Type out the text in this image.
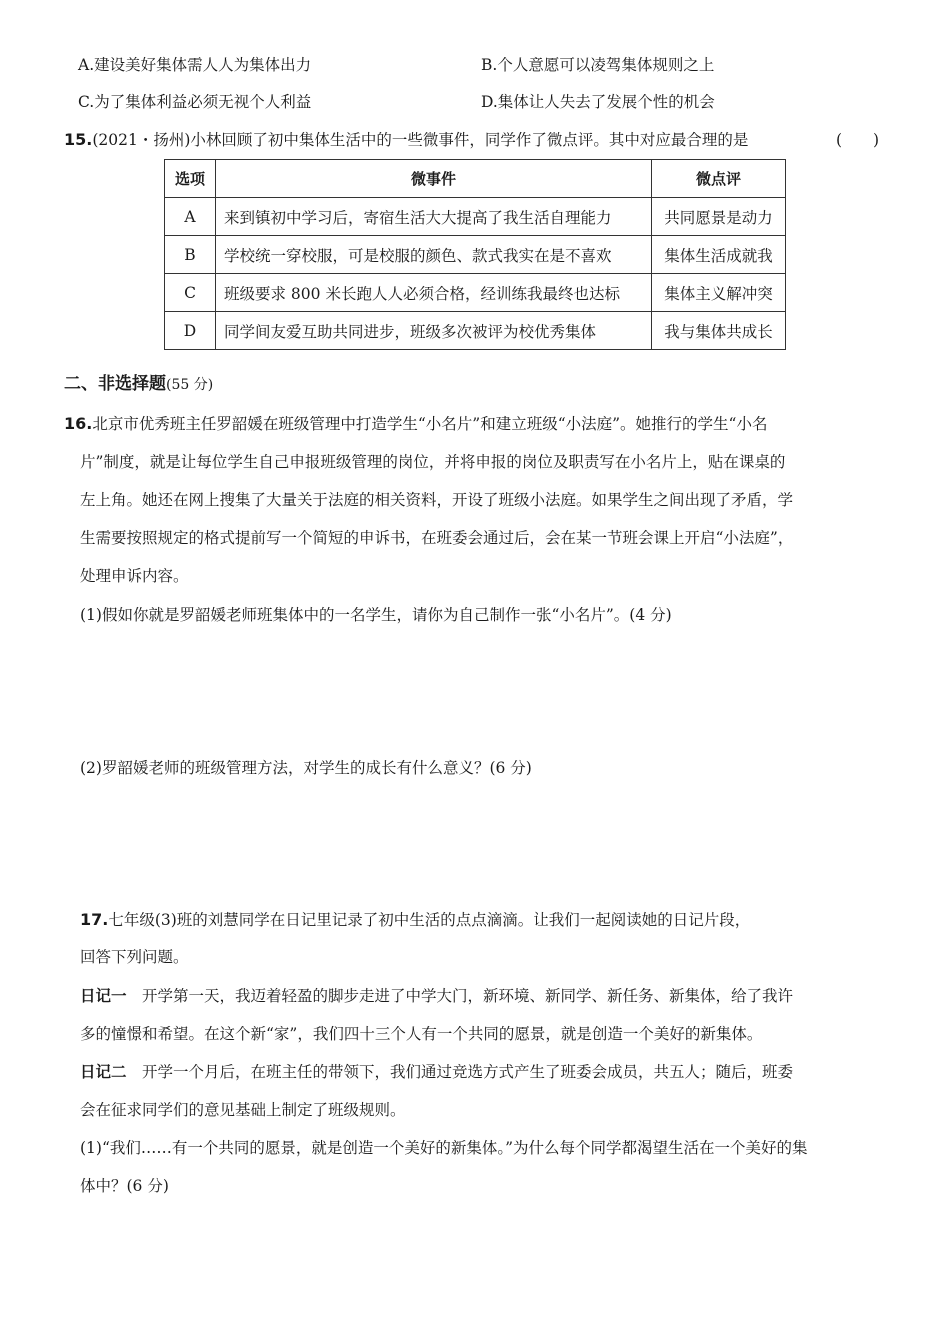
A.建设美好集体需人人为集体出力	B.个人意愿可以凌驾集体规则之上
C.为了集体利益必须无视个人利益	D.集体让人失去了发展个性的机会
15.(2021・扬州)小林回顾了初中集体生活中的一些微事件，同学作了微点评。其中对应最合理的是	(　　)
选项	微事件	微点评
A	来到镇初中学习后，寄宿生活大大提高了我生活自理能力	共同愿景是动力
B	学校统一穿校服，可是校服的颜色、款式我实在是不喜欢	集体生活成就我
C	班级要求 800 米长跑人人必须合格，经训练我最终也达标	集体主义解冲突
D	同学间友爱互助共同进步，班级多次被评为校优秀集体	我与集体共成长
二、非选择题(55 分)
16.北京市优秀班主任罗韶媛在班级管理中打造学生“小名片”和建立班级“小法庭”。她推行的学生“小名
片”制度，就是让每位学生自己申报班级管理的岗位，并将申报的岗位及职责写在小名片上，贴在课桌的
左上角。她还在网上搜集了大量关于法庭的相关资料，开设了班级小法庭。如果学生之间出现了矛盾，学
生需要按照规定的格式提前写一个简短的申诉书，在班委会通过后，会在某一节班会课上开启“小法庭”，
处理申诉内容。
(1)假如你就是罗韶媛老师班集体中的一名学生，请你为自己制作一张“小名片”。(4 分)
(2)罗韶媛老师的班级管理方法，对学生的成长有什么意义？(6 分)
17.七年级(3)班的刘慧同学在日记里记录了初中生活的点点滴滴。让我们一起阅读她的日记片段，
回答下列问题。
日记一　 开学第一天，我迈着轻盈的脚步走进了中学大门，新环境、新同学、新任务、新集体，给了我许
多的憧憬和希望。在这个新“家”，我们四十三个人有一个共同的愿景，就是创造一个美好的新集体。
日记二　 开学一个月后，在班主任的带领下，我们通过竞选方式产生了班委会成员，共五人；随后，班委
会在征求同学们的意见基础上制定了班级规则。
(1)“我们……有一个共同的愿景，就是创造一个美好的新集体。”为什么每个同学都渴望生活在一个美好的集
体中？(6 分)
